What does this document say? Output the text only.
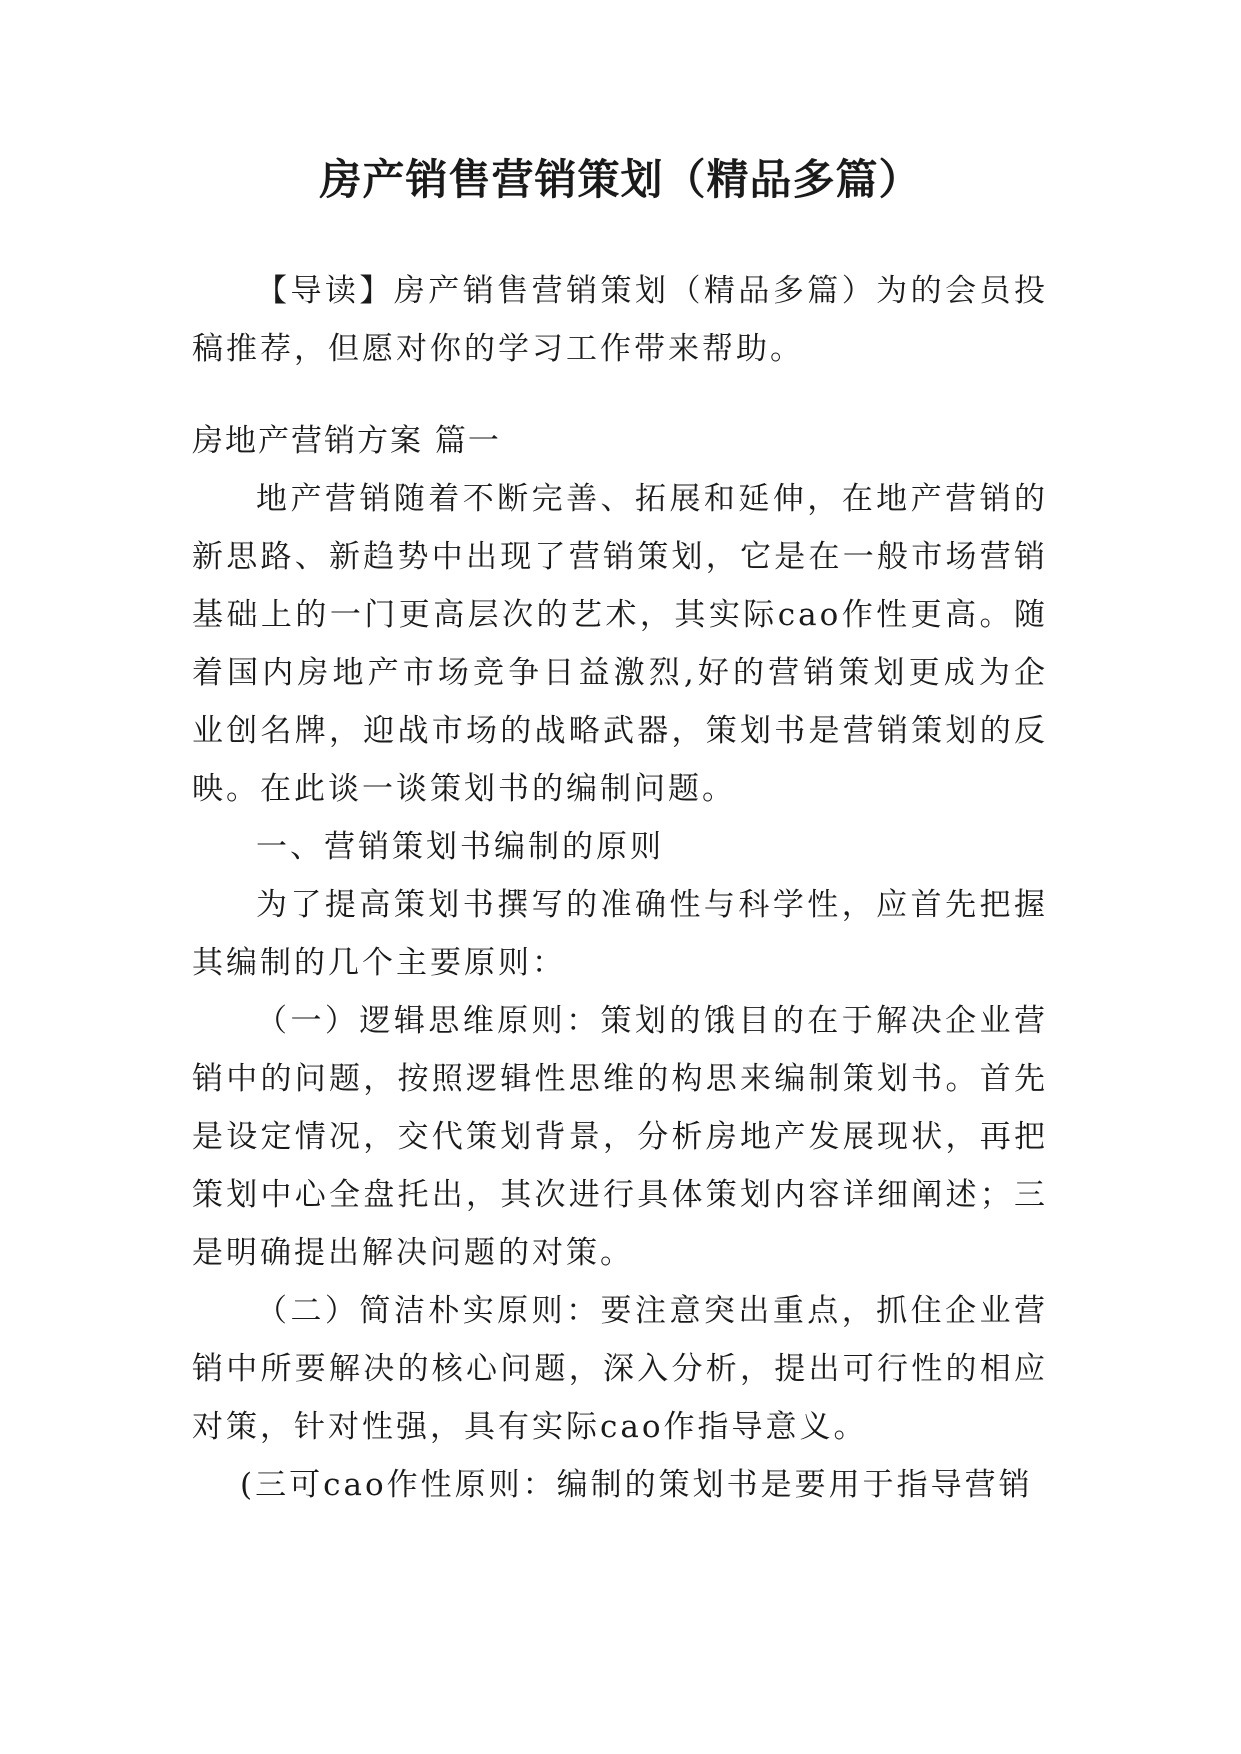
房产销售营销策划（精品多篇）

【导读】房产销售营销策划（精品多篇）为的会员投稿推荐，但愿对你的学习工作带来帮助。

房地产营销方案 篇一

地产营销随着不断完善、拓展和延伸，在地产营销的新思路、新趋势中出现了营销策划，它是在一般市场营销基础上的一门更高层次的艺术，其实际cao作性更高。随着国内房地产市场竞争日益激烈,好的营销策划更成为企业创名牌，迎战市场的战略武器，策划书是营销策划的反映。在此谈一谈策划书的编制问题。

一、营销策划书编制的原则

为了提高策划书撰写的准确性与科学性，应首先把握其编制的几个主要原则：

（一）逻辑思维原则：策划的饿目的在于解决企业营销中的问题，按照逻辑性思维的构思来编制策划书。首先是设定情况，交代策划背景，分析房地产发展现状，再把策划中心全盘托出，其次进行具体策划内容详细阐述；三是明确提出解决问题的对策。

（二）简洁朴实原则：要注意突出重点，抓住企业营销中所要解决的核心问题，深入分析，提出可行性的相应对策，针对性强，具有实际cao作指导意义。

(三可cao作性原则：编制的策划书是要用于指导营销
